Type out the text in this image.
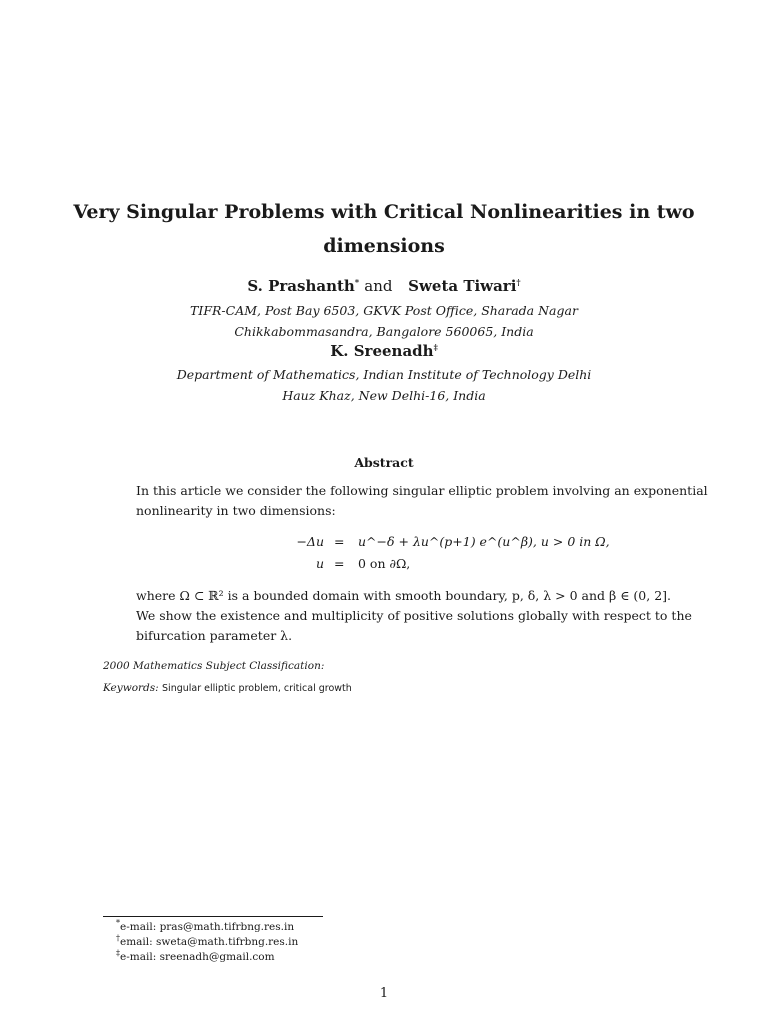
Very Singular Problems with Critical Nonlinearities in two
dimensions
S. Prashanth* and Sweta Tiwari†
TIFR-CAM, Post Bay 6503, GKVK Post Office, Sharada Nagar
Chikkabommasandra, Bangalore 560065, India
K. Sreenadh‡
Department of Mathematics, Indian Institute of Technology Delhi
Hauz Khaz, New Delhi-16, India
Abstract
In this article we consider the following singular elliptic problem involving an exponential
nonlinearity in two dimensions:
−Δu = u^−δ + λu^(p+1) e^(u^β), u > 0 in Ω,
u = 0 on ∂Ω,
where Ω ⊂ ℝ² is a bounded domain with smooth boundary, p, δ, λ > 0 and β ∈ (0, 2].
We show the existence and multiplicity of positive solutions globally with respect to the
bifurcation parameter λ.
2000 Mathematics Subject Classification:
Keywords: Singular elliptic problem, critical growth
*e-mail: pras@math.tifrbng.res.in
†email: sweta@math.tifrbng.res.in
‡e-mail: sreenadh@gmail.com
1
